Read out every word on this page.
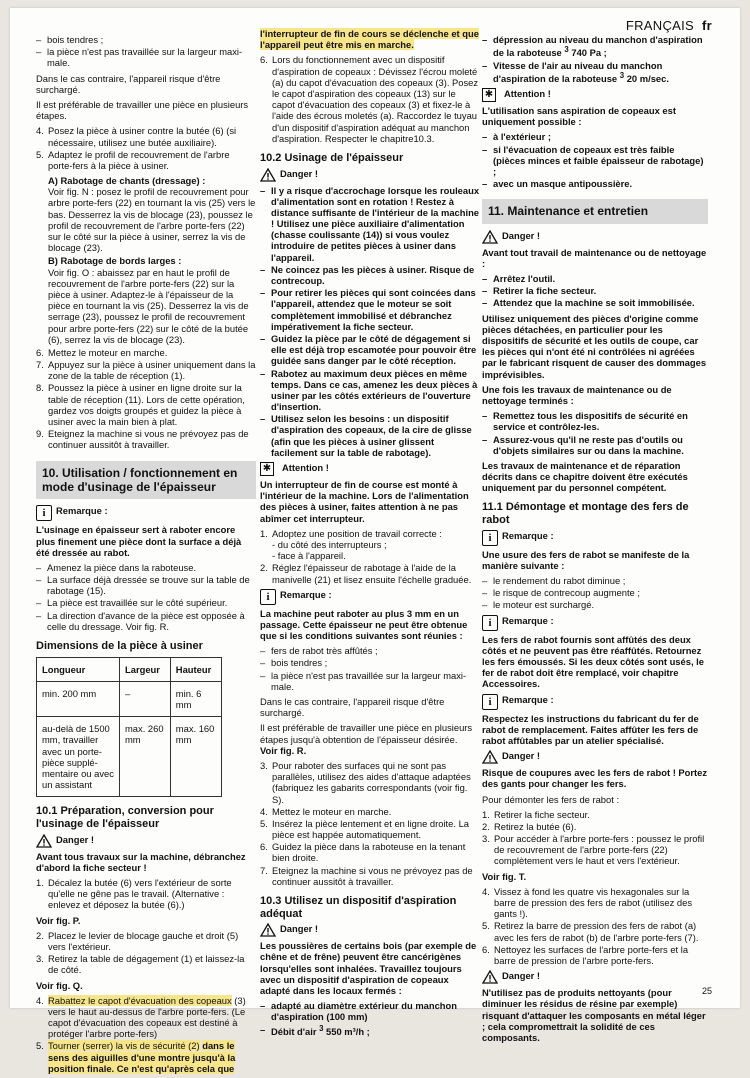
FRANÇAIS fr
– bois tendres ;
– la pièce n'est pas travaillée sur la largeur maximale.

Dans le cas contraire, l'appareil risque d'être surchargé.

Il est préférable de travailler une pièce en plusieurs étapes.

4. Posez la pièce à usiner contre la butée (6) (si nécessaire, utilisez une butée auxiliaire).
5. Adaptez le profil de recouvrement de l'arbre porte-fers à la pièce à usiner.
A) Rabotage de chants (dressage) :
Voir fig. N : posez le profil de recouvrement pour arbre porte-fers (22) en tournant la vis (25) vers le bas. Desserrez la vis de blocage (23), poussez le profil de recouvrement de l'arbre porte-fers (22) sur le côté sur la pièce à usiner, serrez la vis de blocage (23).
B) Rabotage de bords larges :
Voir fig. O : abaissez par en haut le profil de recouvrement de l'arbre porte-fers (22) sur la pièce à usiner. Adaptez-le à l'épaisseur de la pièce en tournant la vis (25). Desserrez la vis de serrage (23), poussez le profil de recouvrement pour arbre porte-fers (22) sur le côté de la butée (6), serrez la vis de blocage (23).
6. Mettez le moteur en marche.
7. Appuyez sur la pièce à usiner uniquement dans la zone de la table de réception (1).
8. Poussez la pièce à usiner en ligne droite sur la table de réception (11). Lors de cette opération, gardez vos doigts groupés et guidez la pièce à usiner avec la main bien à plat.
9. Eteignez la machine si vous ne prévoyez pas de continuer aussitôt à travailler.
10. Utilisation / fonctionnement en mode d'usinage de l'épaisseur
i	Remarque :

L'usinage en épaisseur sert à raboter encore plus finement une pièce dont la surface a déjà été dressée au rabot.

– Amenez la pièce dans la raboteuse.
– La surface déjà dressée se trouve sur la table de rabotage (15).
– La pièce est travaillée sur le côté supérieur.
– La direction d'avance de la pièce est opposée à celle du dressage. Voir fig. R.
Dimensions de la pièce à usiner
Longueur	Largeur	Hauteur
min. 200 mm	–	min. 6 mm
au-delà de 1500 mm, travailler avec un porte-pièce supplémentaire ou avec un assistant	max. 260 mm	max. 160 mm
10.1 Préparation, conversion pour l'usinage de l'épaisseur
Danger !

Avant tous travaux sur la machine, débranchez d'abord la fiche secteur !

1. Décalez la butée (6) vers l'extérieur de sorte qu'elle ne gêne pas le travail. (Alternative : enlevez et déposez la butée (6).)

Voir fig. P.

2. Placez le levier de blocage gauche et droit (5) vers l'extérieur.
3. Retirez la table de dégagement (1) et laissez-la de côté.

Voir fig. Q.

4. Rabattez le capot d'évacuation des copeaux (3) vers le haut au-dessus de l'arbre porte-fers. (Le capot d'évacuation des copeaux est destiné à protéger l'arbre porte-fers)
5. Tourner (serrer) la vis de sécurité (2) dans le sens des aiguilles d'une montre jusqu'à la position finale. Ce n'est qu'après cela que

l'interrupteur de fin de cours se déclenche et que l'appareil peut être mis en marche.

6. Lors du fonctionnement avec un dispositif d'aspiration de copeaux : Dévissez l'écrou moleté (a) du capot d'évacuation des copeaux (3). Posez le capot d'aspiration des copeaux (13) sur le capot d'évacuation des copeaux (3) et fixez-le à l'aide des écrous moletés (a). Raccordez le tuyau d'un dispositif d'aspiration adéquat au manchon d'aspiration. Respecter le chapitre10.3.
10.2 Usinage de l'épaisseur
Danger !
– Il y a risque d'accrochage lorsque les rouleaux d'alimentation sont en rotation ! Restez à distance suffisante de l'intérieur de la machine ! Utilisez une pièce auxiliaire d'alimentation (chasse coulissante (14)) si vous voulez introduire de petites pièces à usiner dans l'appareil.
– Ne coincez pas les pièces à usiner. Risque de contrecoup.
– Pour retirer les pièces qui sont coincées dans l'appareil, attendez que le moteur se soit complètement immobilisé et débranchez impérativement la fiche secteur.
– Guidez la pièce par le côté de dégagement si elle est déjà trop escamotée pour pouvoir être guidée sans danger par le côté réception.
– Rabotez au maximum deux pièces en même temps. Dans ce cas, amenez les deux pièces à usiner par les côtés extérieurs de l'ouverture d'insertion.
– Utilisez selon les besoins : un dispositif d'aspiration des copeaux, de la cire de glisse (afin que les pièces à usiner glissent facilement sur la table de rabotage).
✱ Attention !

Un interrupteur de fin de course est monté à l'intérieur de la machine. Lors de l'alimentation des pièces à usiner, faites attention à ne pas abîmer cet interrupteur.

1. Adoptez une position de travail correcte :
- du côté des interrupteurs ;
- face à l'appareil.
2. Réglez l'épaisseur de rabotage à l'aide de la manivelle (21) et lisez ensuite l'échelle graduée.
i	Remarque :

La machine peut raboter au plus 3 mm en un passage. Cette épaisseur ne peut être obtenue que si les conditions suivantes sont réunies :

– fers de rabot très affûtés ;
– bois tendres ;
– la pièce n'est pas travaillée sur la largeur maximale.

Dans le cas contraire, l'appareil risque d'être surchargé.

Il est préférable de travailler une pièce en plusieurs étapes jusqu'à obtention de l'épaisseur désirée.

Voir fig. R.

3. Pour raboter des surfaces qui ne sont pas parallèles, utilisez des aides d'attaque adaptées (fabriquez les gabarits correspondants (voir fig. S).
4. Mettez le moteur en marche.
5. Insérez la pièce lentement et en ligne droite. La pièce est happée automatiquement.
6. Guidez la pièce dans la raboteuse en la tenant bien droite.
7. Eteignez la machine si vous ne prévoyez pas de continuer aussitôt à travailler.
10.3 Utilisez un dispositif d'aspiration adéquat
Danger !

Les poussières de certains bois (par exemple de chêne et de frêne) peuvent être cancérigènes lorsqu'elles sont inhalées. Travaillez toujours avec un dispositif d'aspiration de copeaux adapté dans les locaux fermés :

– adapté au diamètre extérieur du manchon d'aspiration (100 mm)
– Débit d'air $^3$ 550 m³/h ;
– dépression au niveau du manchon d'aspiration de la raboteuse $^3$ 740 Pa ;
– Vitesse de l'air au niveau du manchon d'aspiration de la raboteuse $^3$ 20 m/sec.
✱ Attention !

L'utilisation sans aspiration de copeaux est uniquement possible :

– à l'extérieur ;
– si l'évacuation de copeaux est très faible (pièces minces et faible épaisseur de rabotage) ;
– avec un masque antipoussière.
11. Maintenance et entretien
Danger !

Avant tout travail de maintenance ou de nettoyage :

– Arrêtez l'outil.
– Retirer la fiche secteur.
– Attendez que la machine se soit immobilisée.

Utilisez uniquement des pièces d'origine comme pièces détachées, en particulier pour les dispositifs de sécurité et les outils de coupe, car les pièces qui n'ont été ni contrôlées ni agréées par le fabricant risquent de causer des dommages imprévisibles.

Une fois les travaux de maintenance ou de nettoyage terminés :

– Remettez tous les dispositifs de sécurité en service et contrôlez-les.
– Assurez-vous qu'il ne reste pas d'outils ou d'objets similaires sur ou dans la machine.

Les travaux de maintenance et de réparation décrits dans ce chapitre doivent être exécutés uniquement par du personnel compétent.

11.1 Démontage et montage des fers de rabot
i	Remarque :

Une usure des fers de rabot se manifeste de la manière suivante :

– le rendement du rabot diminue ;
– le risque de contrecoup augmente ;
– le moteur est surchargé.
i	Remarque :

Les fers de rabot fournis sont affûtés des deux côtés et ne peuvent pas être réaffûtés. Retournez les fers émoussés. Si les deux côtés sont usés, le fer de rabot doit être remplacé, voir chapitre Accessoires.

i	Remarque :

Respectez les instructions du fabricant du fer de rabot de remplacement. Faites affûter les fers de rabot affûtables par un atelier spécialisé.

Danger !

Risque de coupures avec les fers de rabot ! Portez des gants pour changer les fers.

Pour démonter les fers de rabot :

1. Retirer la fiche secteur.
2. Retirez la butée (6).
3. Pour accéder à l'arbre porte-fers : poussez le profil de recouvrement de l'arbre porte-fers (22) complètement vers le haut et vers l'extérieur.

Voir fig. T.

4. Vissez à fond les quatre vis hexagonales sur la barre de pression des fers de rabot (utilisez des gants !).
5. Retirez la barre de pression des fers de rabot (a) avec les fers de rabot (b) de l'arbre porte-fers (7).
6. Nettoyez les surfaces de l'arbre porte-fers et la barre de pression de l'arbre porte-fers.
Danger !

N'utilisez pas de produits nettoyants (pour diminuer les résidus de résine par exemple) risquant d'attaquer les composants en métal léger ; cela compromettrait la solidité de ces composants.

25
